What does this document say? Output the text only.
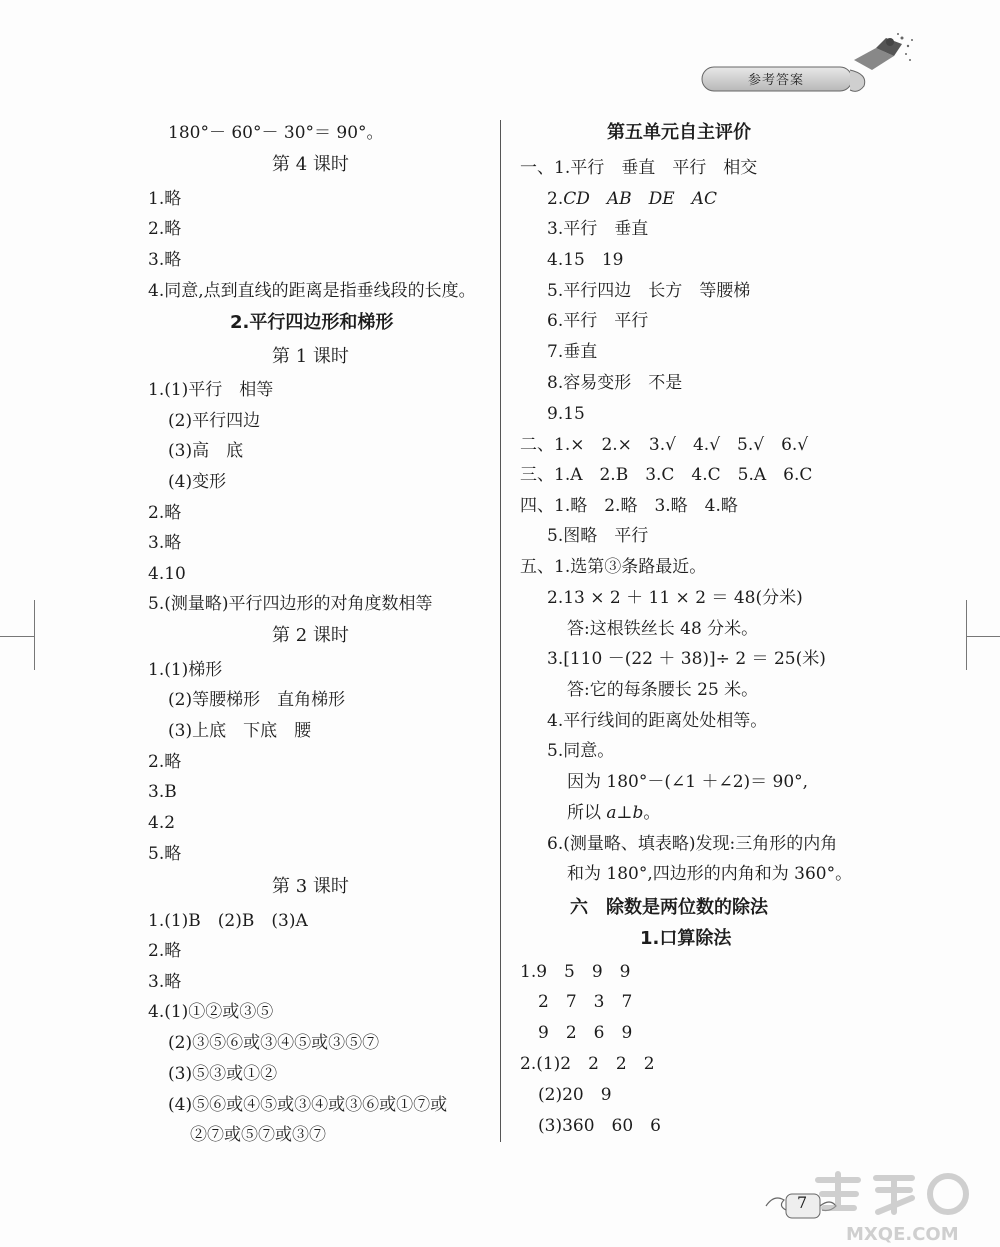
参考答案
180°－ 60°－ 30°＝ 90°。
第 4 课时
1.略
2.略
3.略
4.同意,点到直线的距离是指垂线段的长度。
2.平行四边形和梯形
第 1 课时
1.(1)平行　相等
(2)平行四边
(3)高　底
(4)变形
2.略
3.略
4.10
5.(测量略)平行四边形的对角度数相等
第 2 课时
1.(1)梯形
(2)等腰梯形　直角梯形
(3)上底　下底　腰
2.略
3.B
4.2
5.略
第 3 课时
1.(1)B　(2)B　(3)A
2.略
3.略
4.(1)①②或③⑤
(2)③⑤⑥或③④⑤或③⑤⑦
(3)⑤③或①②
(4)⑤⑥或④⑤或③④或③⑥或①⑦或
②⑦或⑤⑦或③⑦
第五单元自主评价
一、1.平行　垂直　平行　相交
2.CD　AB　DE　AC
3.平行　垂直
4.15　19
5.平行四边　长方　等腰梯
6.平行　平行
7.垂直
8.容易变形　不是
9.15
二、1.×　2.×　3.√　4.√　5.√　6.√
三、1.A　2.B　3.C　4.C　5.A　6.C
四、1.略　2.略　3.略　4.略
5.图略　平行
五、1.选第③条路最近。
2.13 × 2 ＋ 11 × 2 ＝ 48(分米)
答:这根铁丝长 48 分米。
3.[110 －(22 ＋ 38)]÷ 2 ＝ 25(米)
答:它的每条腰长 25 米。
4.平行线间的距离处处相等。
5.同意。
因为 180°－(∠1 ＋∠2)＝ 90°,
所以 a⊥b。
6.(测量略、填表略)发现:三角形的内角
和为 180°,四边形的内角和为 360°。
六　除数是两位数的除法
1.口算除法
1.9　5　9　9
2　7　3　7
9　2　6　9
2.(1)2　2　2　2
(2)20　9
(3)360　60　6
7
MXQE.COM
